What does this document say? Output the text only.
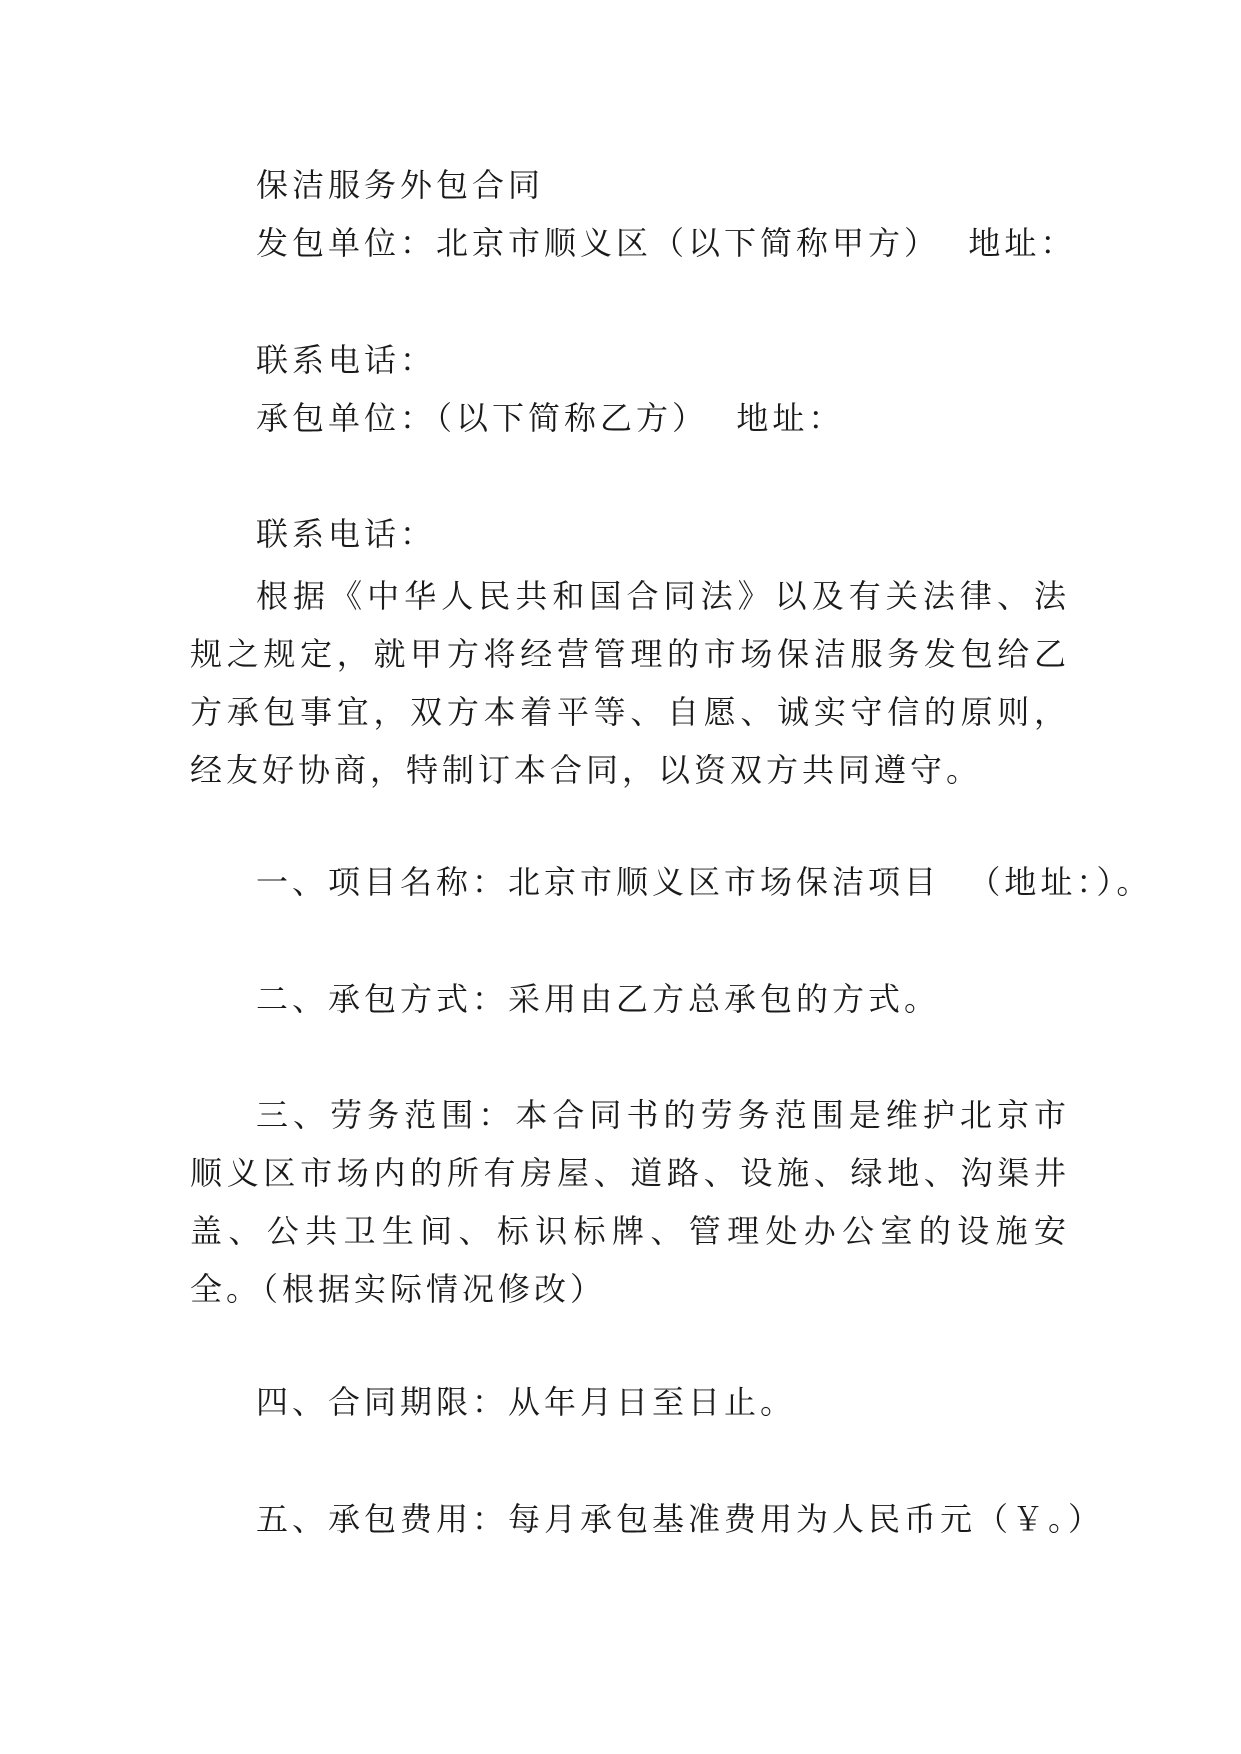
保洁服务外包合同
发包单位：北京市顺义区（以下简称甲方）  地址：
联系电话：
承包单位：（以下简称乙方）  地址：
联系电话：
根据《中华人民共和国合同法》以及有关法律、法规之规定，就甲方将经营管理的市场保洁服务发包给乙方承包事宜，双方本着平等、自愿、诚实守信的原则，经友好协商，特制订本合同，以资双方共同遵守。
一、项目名称：北京市顺义区市场保洁项目  （地址：）。
二、承包方式：采用由乙方总承包的方式。
三、劳务范围：本合同书的劳务范围是维护北京市顺义区市场内的所有房屋、道路、设施、绿地、沟渠井盖、公共卫生间、标识标牌、管理处办公室的设施安全。（根据实际情况修改）
四、合同期限：从年月日至日止。
五、承包费用：每月承包基准费用为人民币元（￥。）
